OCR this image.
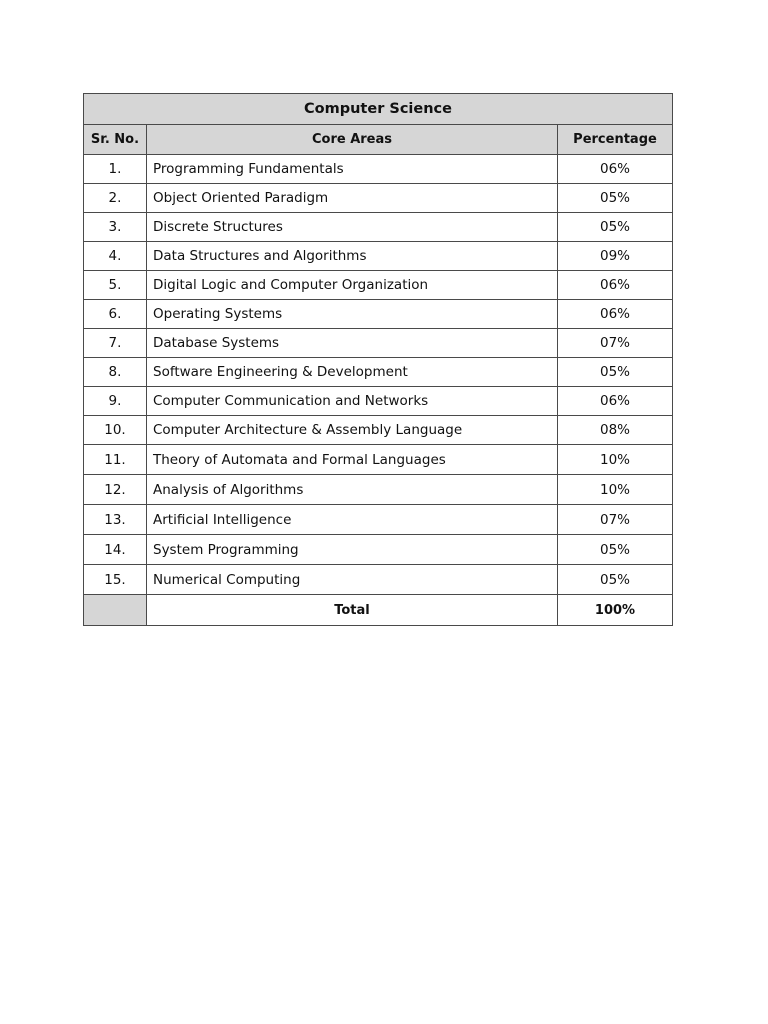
Computer Science		
Sr. No.	Core Areas	Percentage
1.	Programming Fundamentals	06%
2.	Object Oriented Paradigm	05%
3.	Discrete Structures	05%
4.	Data Structures and Algorithms	09%
5.	Digital Logic and Computer Organization	06%
6.	Operating Systems	06%
7.	Database Systems	07%
8.	Software Engineering & Development	05%
9.	Computer Communication and Networks	06%
10.	Computer Architecture & Assembly Language	08%
11.	Theory of Automata and Formal Languages	10%
12.	Analysis of Algorithms	10%
13.	Artificial Intelligence	07%
14.	System Programming	05%
15.	Numerical Computing	05%
	Total	100%
